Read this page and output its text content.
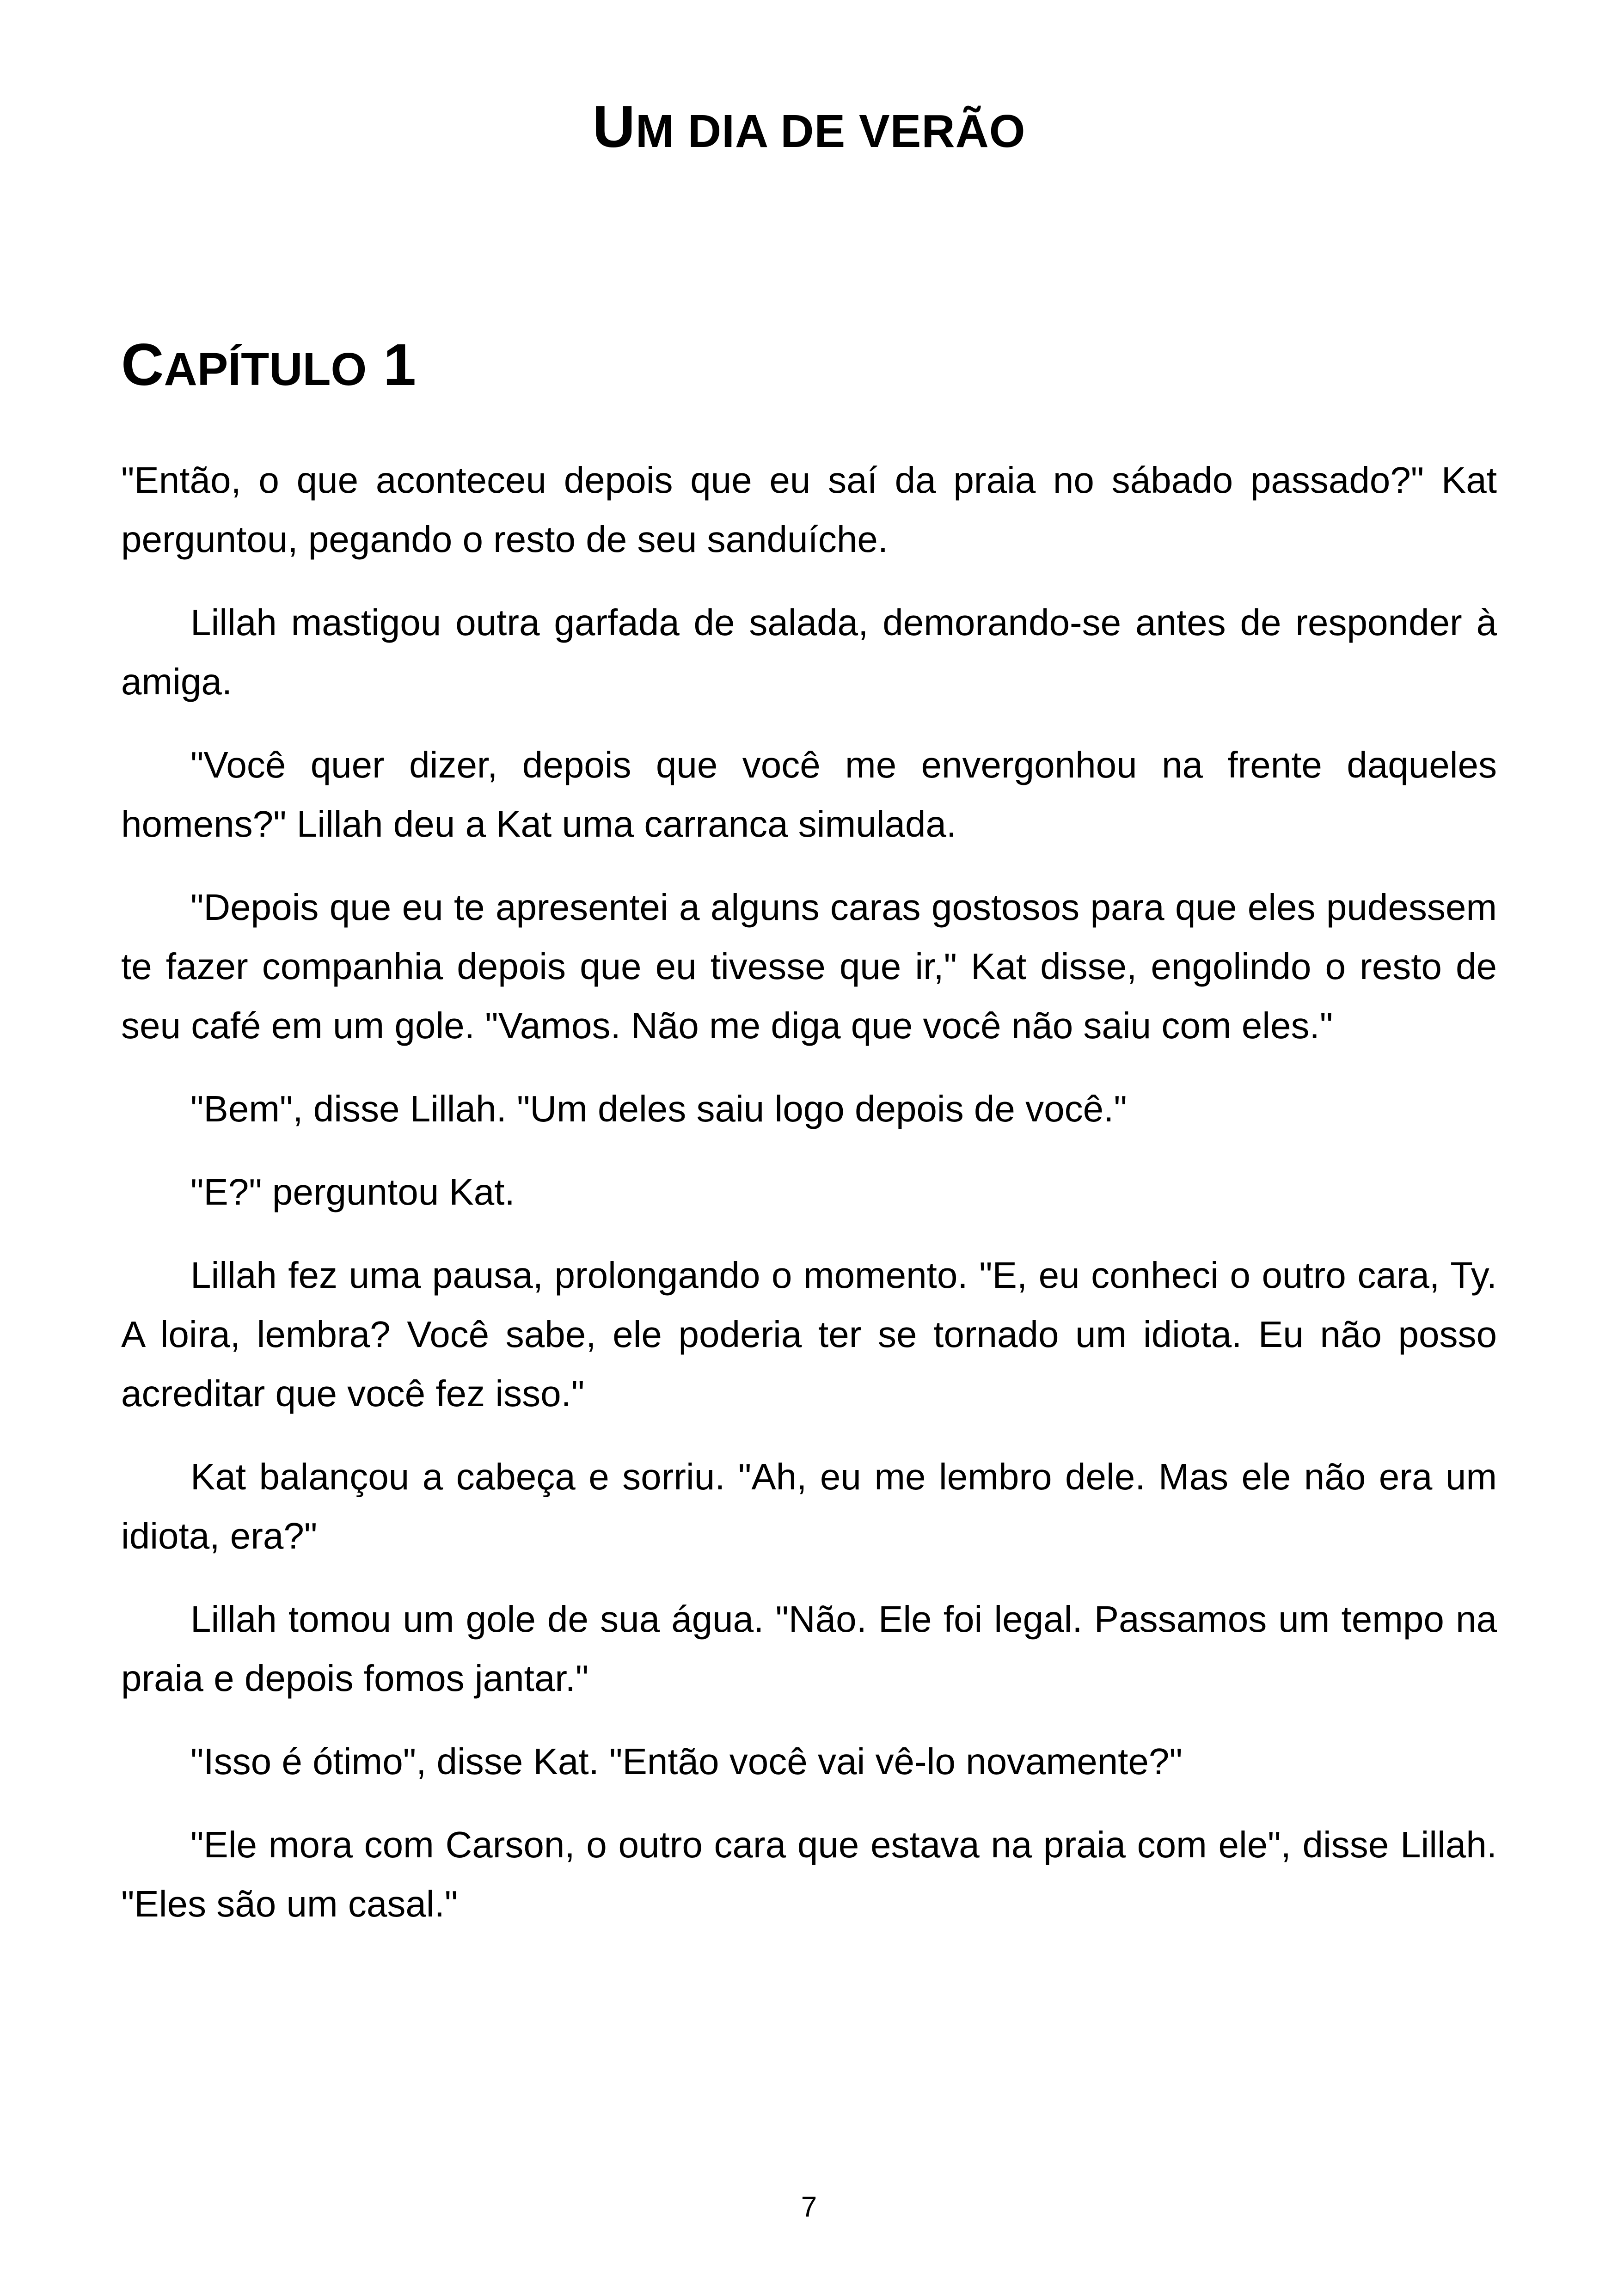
UM DIA DE VERÃO
CAPÍTULO 1

"Então, o que aconteceu depois que eu saí da praia no sábado passado?" Kat perguntou, pegando o resto de seu sanduíche.

Lillah mastigou outra garfada de salada, demorando-se antes de responder à amiga.

"Você quer dizer, depois que você me envergonhou na frente daqueles homens?" Lillah deu a Kat uma carranca simulada.

"Depois que eu te apresentei a alguns caras gostosos para que eles pudessem te fazer companhia depois que eu tivesse que ir," Kat disse, engolindo o resto de seu café em um gole. "Vamos. Não me diga que você não saiu com eles."

"Bem", disse Lillah. "Um deles saiu logo depois de você."

"E?" perguntou Kat.

Lillah fez uma pausa, prolongando o momento. "E, eu conheci o outro cara, Ty. A loira, lembra? Você sabe, ele poderia ter se tornado um idiota. Eu não posso acreditar que você fez isso."

Kat balançou a cabeça e sorriu. "Ah, eu me lembro dele. Mas ele não era um idiota, era?"

Lillah tomou um gole de sua água. "Não. Ele foi legal. Passamos um tempo na praia e depois fomos jantar."

"Isso é ótimo", disse Kat. "Então você vai vê-lo novamente?"

"Ele mora com Carson, o outro cara que estava na praia com ele", disse Lillah. "Eles são um casal."

7
